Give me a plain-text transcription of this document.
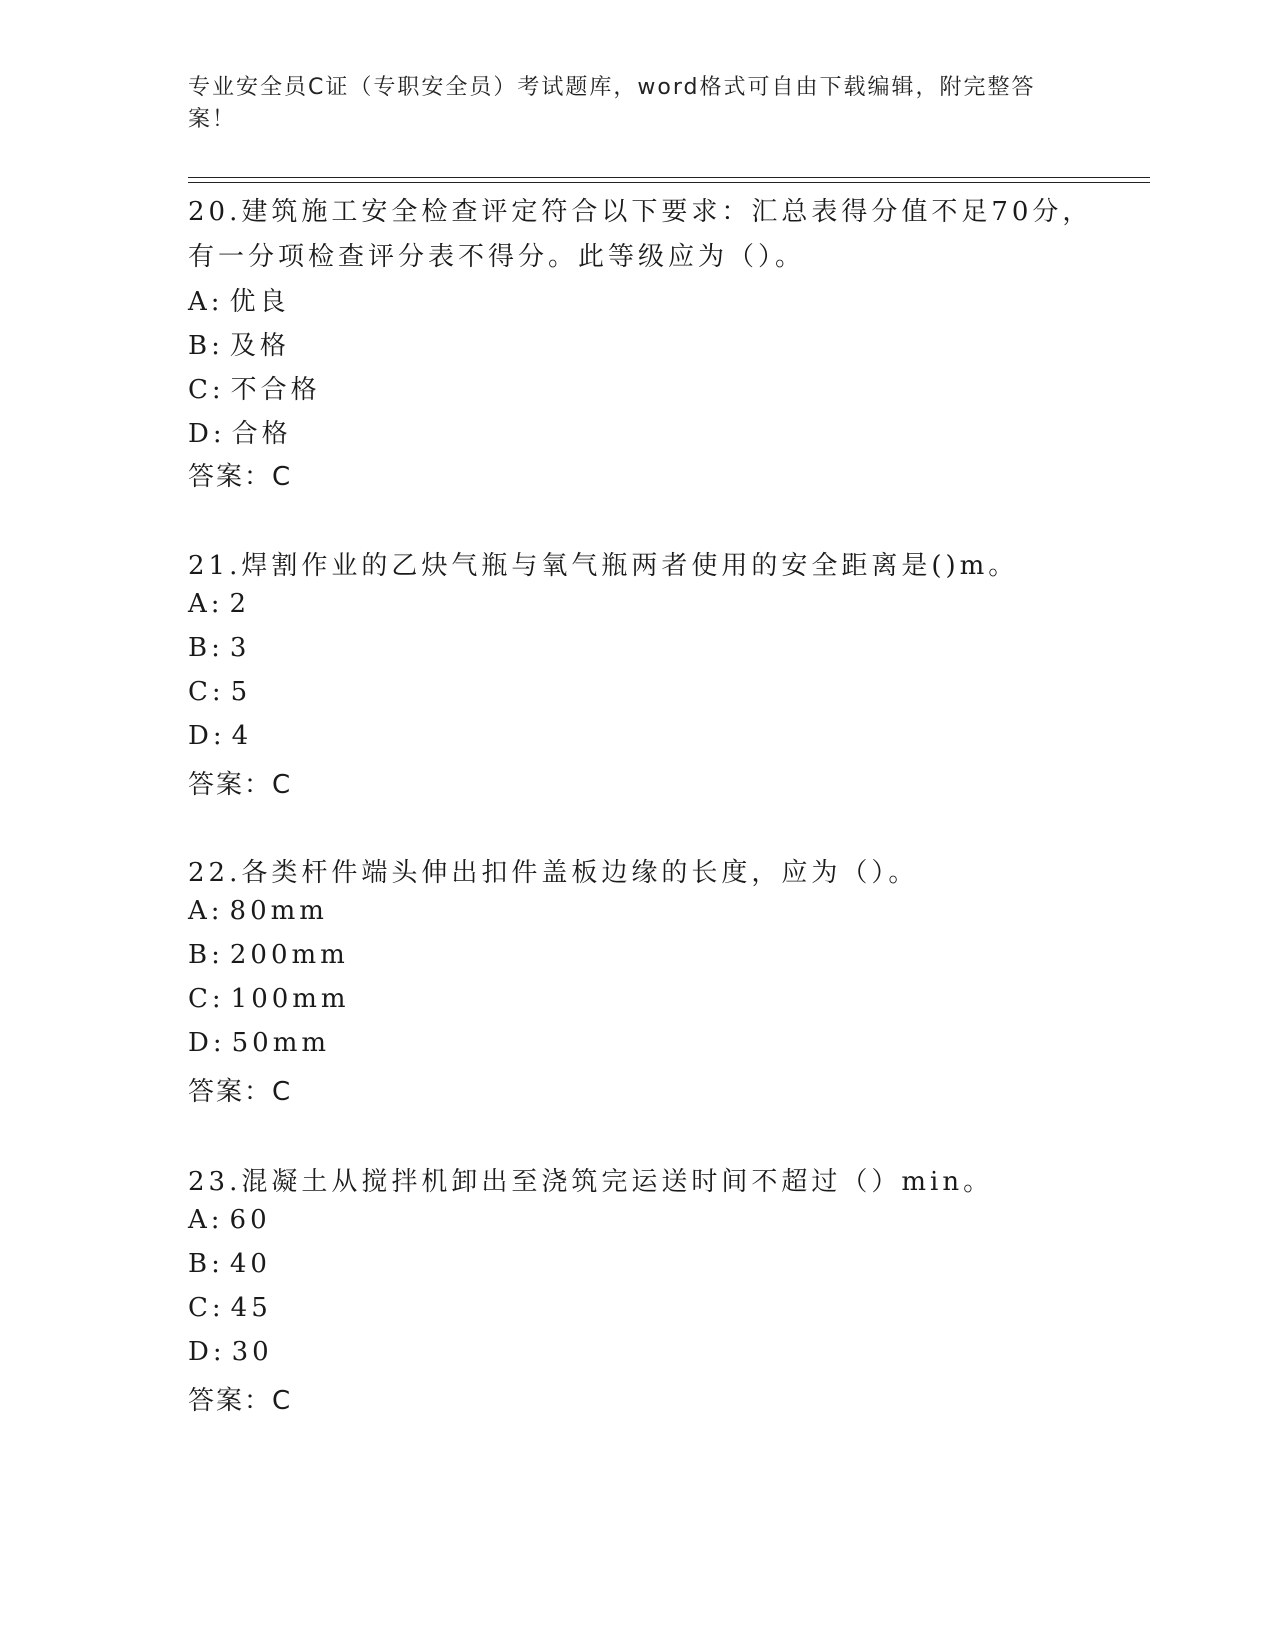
专业安全员C证（专职安全员）考试题库，word格式可自由下载编辑，附完整答
案！
20.建筑施工安全检查评定符合以下要求：汇总表得分值不足70分，
有一分项检查评分表不得分。此等级应为（）。
A: 优良
B: 及格
C: 不合格
D: 合格
答案：C
21.焊割作业的乙炔气瓶与氧气瓶两者使用的安全距离是()m。
A: 2
B: 3
C: 5
D: 4
答案：C
22.各类杆件端头伸出扣件盖板边缘的长度，应为（）。
A: 80mm
B: 200mm
C: 100mm
D: 50mm
答案：C
23.混凝土从搅拌机卸出至浇筑完运送时间不超过（）min。
A: 60
B: 40
C: 45
D: 30
答案：C
